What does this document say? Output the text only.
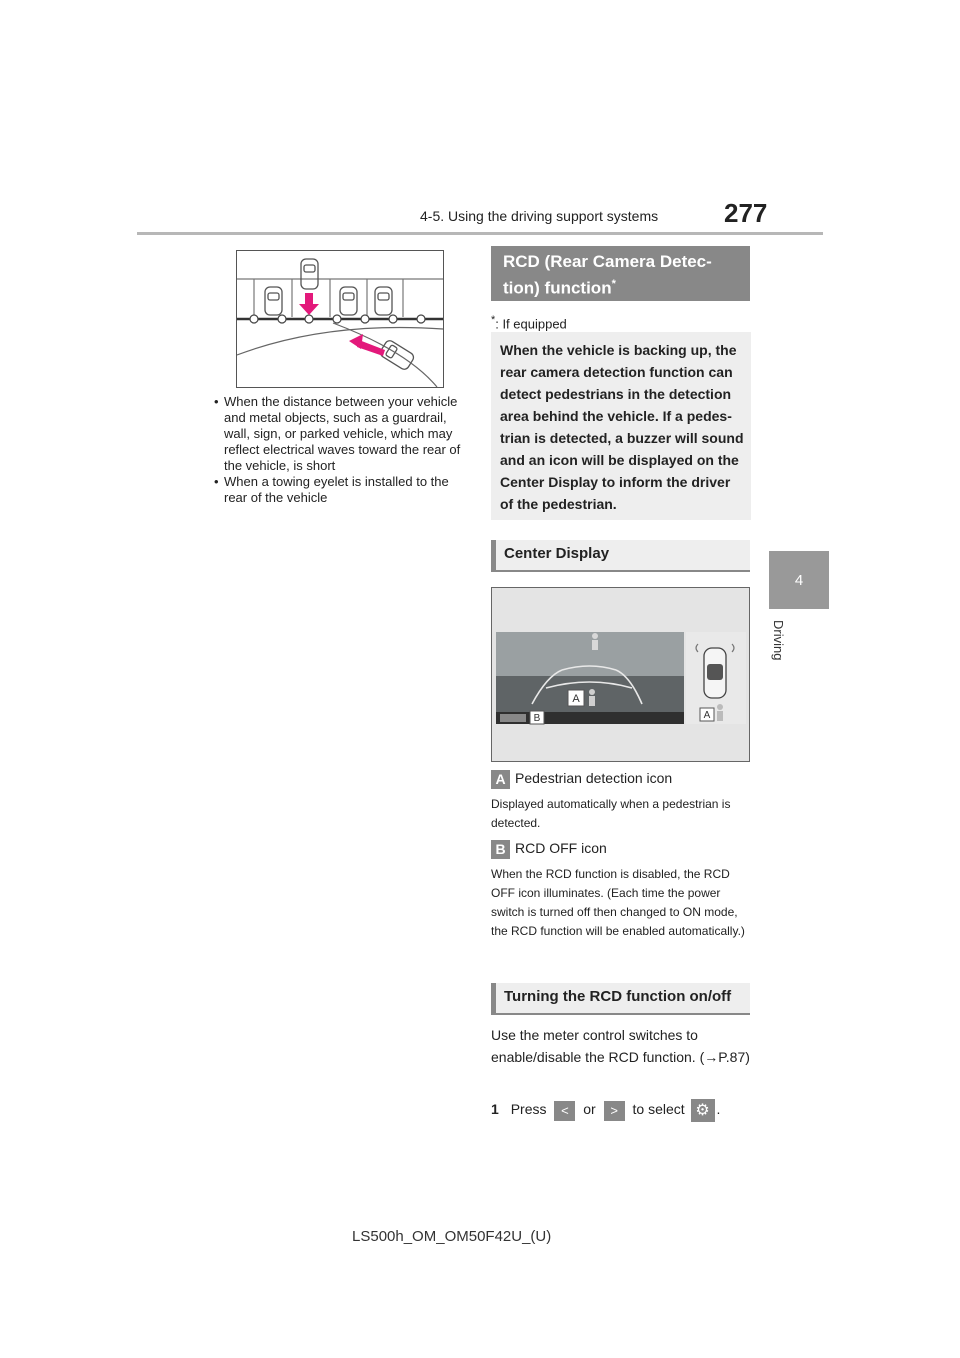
4-5. Using the driving support systems	277
4
Driving

• When the distance between your vehicle and metal objects, such as a guardrail, wall, sign, or parked vehicle, which may reflect electrical waves toward the rear of the vehicle, is short

• When a towing eyelet is installed to the rear of the vehicle

RCD (Rear Camera Detec-
tion) function*
*: If equipped
When the vehicle is backing up, the rear camera detection function can detect pedestrians in the detection area behind the vehicle. If a pedes-trian is detected, a buzzer will sound and an icon will be displayed on the Center Display to inform the driver of the pedestrian.
Center Display
A
B	A
A Pedestrian detection icon
Displayed automatically when a pedestrian is detected.
B RCD OFF icon
When the RCD function is disabled, the RCD OFF icon illuminates. (Each time the power switch is turned off then changed to ON mode, the RCD function will be enabled automatically.)
Turning the RCD function on/off
Use the meter control switches to enable/disable the RCD function. (→P.87)
1 Press < or > to select ⚙ .
LS500h_OM_OM50F42U_(U)
